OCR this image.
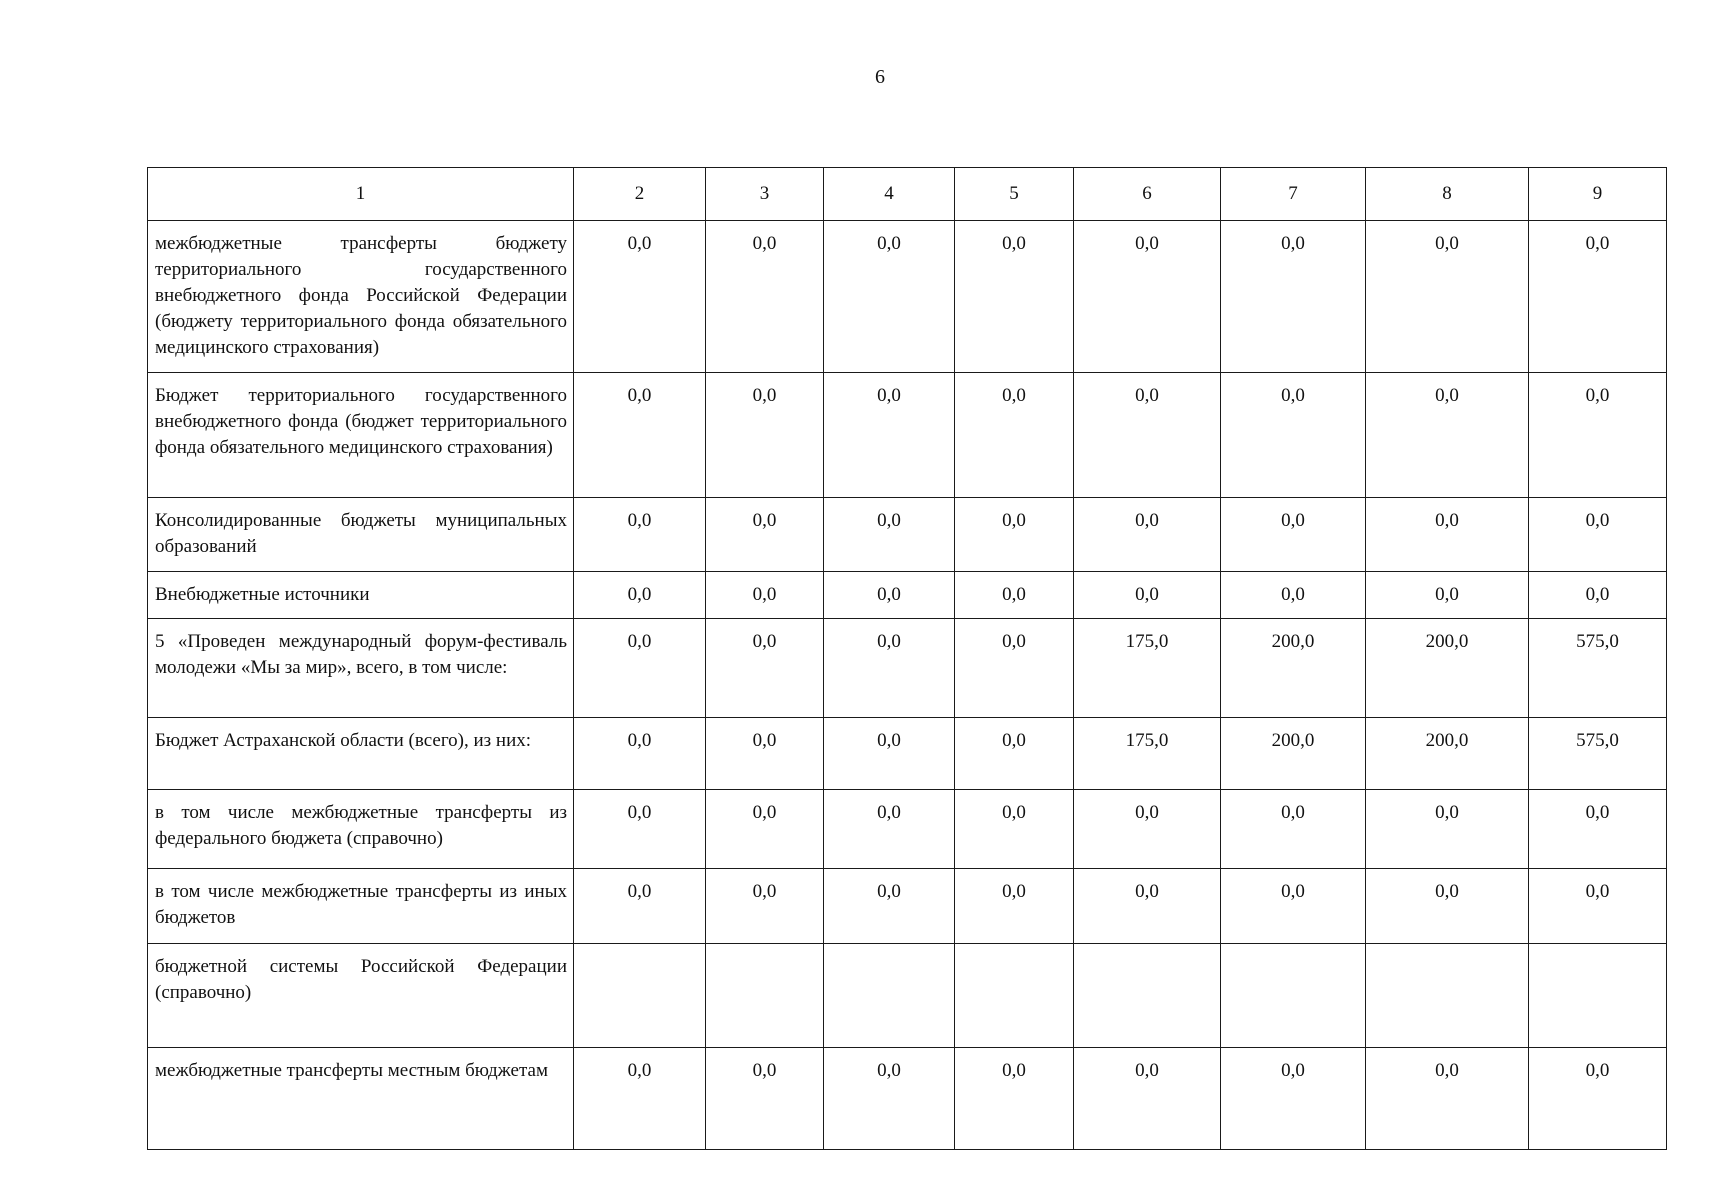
6
1	2	3	4	5	6	7	8	9
межбюджетные трансферты бюджету территориального государственного внебюджетного фонда Российской Федерации (бюджету территориального фонда обязательного медицинского страхования)	0,0	0,0	0,0	0,0	0,0	0,0	0,0	0,0
Бюджет территориального государственного внебюджетного фонда (бюджет территориального фонда обязательного медицинского страхования)	0,0	0,0	0,0	0,0	0,0	0,0	0,0	0,0
Консолидированные бюджеты муниципальных образований	0,0	0,0	0,0	0,0	0,0	0,0	0,0	0,0
Внебюджетные источники	0,0	0,0	0,0	0,0	0,0	0,0	0,0	0,0
5 «Проведен международный форум-фестиваль молодежи «Мы за мир», всего, в том числе:	0,0	0,0	0,0	0,0	175,0	200,0	200,0	575,0
Бюджет Астраханской области (всего), из них:	0,0	0,0	0,0	0,0	175,0	200,0	200,0	575,0
в том числе межбюджетные трансферты из федерального бюджета (справочно)	0,0	0,0	0,0	0,0	0,0	0,0	0,0	0,0
в том числе межбюджетные трансферты из иных бюджетов	0,0	0,0	0,0	0,0	0,0	0,0	0,0	0,0
бюджетной системы Российской Федерации (справочно)								
межбюджетные трансферты местным бюджетам	0,0	0,0	0,0	0,0	0,0	0,0	0,0	0,0
